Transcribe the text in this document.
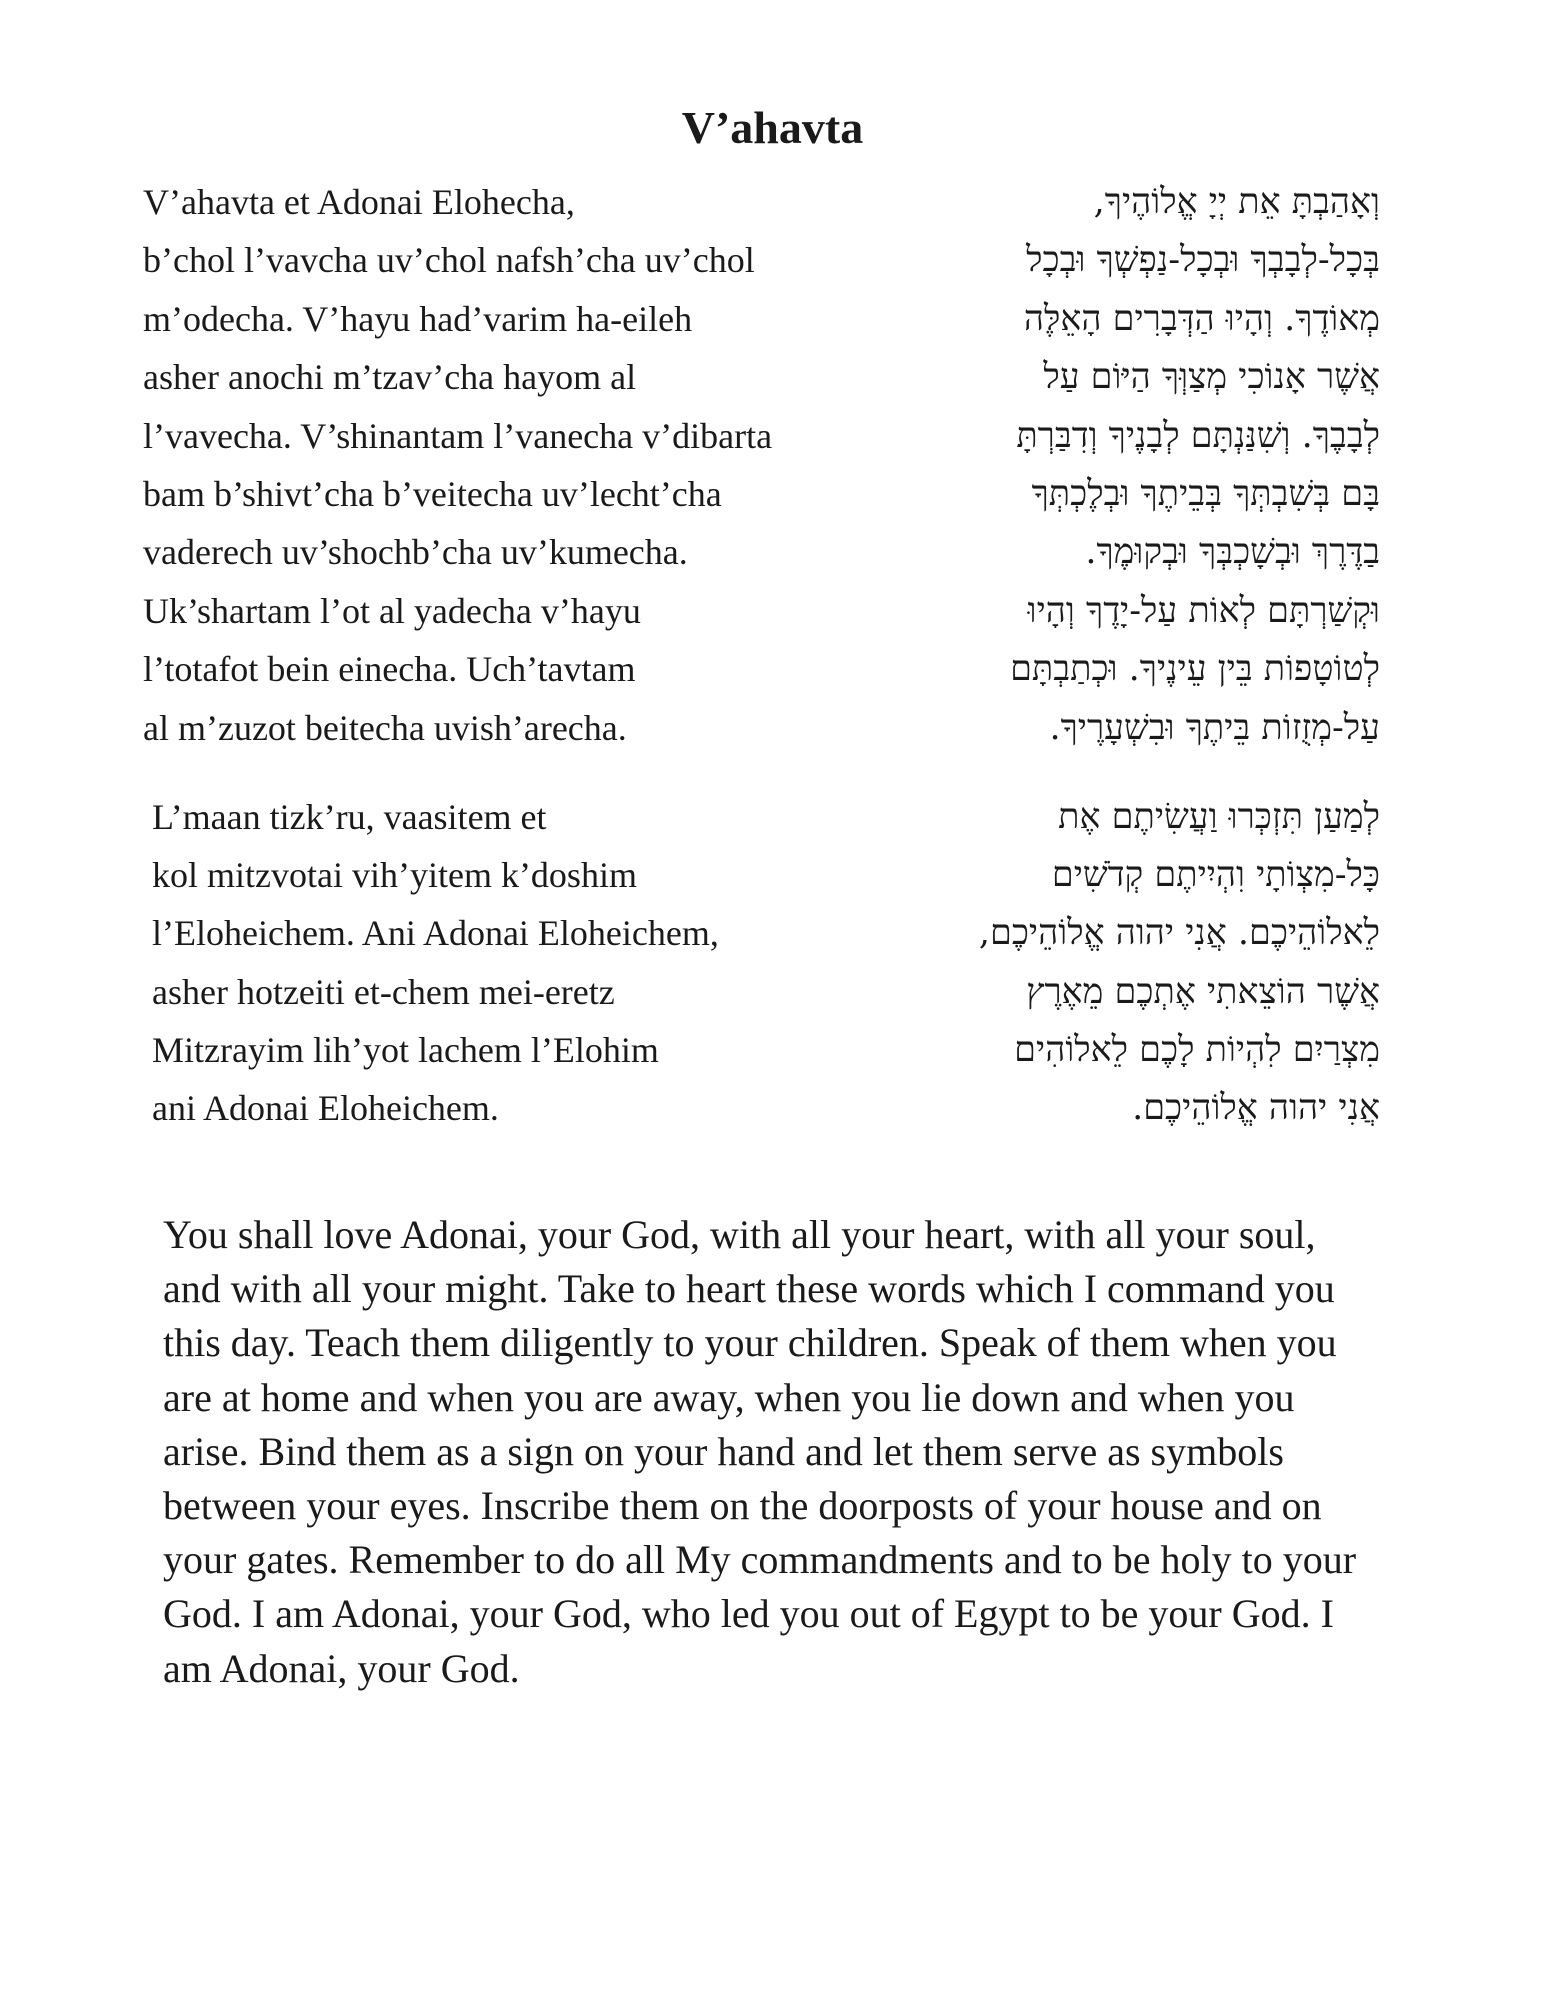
V’ahavta
V’ahavta et Adonai Elohecha,	וְאָהַבְתָּ אֵת יְיָ אֱלוֹהֶיךָ,
b’chol l’vavcha uv’chol nafsh’cha uv’chol	בְּכָל-לְבָבְךָ וּבְכָל-נַפְשְׁךָ וּבְכָל
m’odecha. V’hayu had’varim ha-eileh	מְאוֹדֶךָ. וְהָיוּ הַדְּבָרִים הָאֵלֶּה
asher anochi m’tzav’cha hayom al	אֲשֶׁר אָנוֹכִי מְצַוְּךָ הַיּוֹם עַל
l’vavecha. V’shinantam l’vanecha v’dibarta	לְבָבֶךָ. וְשִׁנַּנְתָּם לְבָנֶיךָ וְדִבַּרְתָּ
bam b’shivt’cha b’veitecha uv’lecht’cha	בָּם בְּשִׁבְתְּךָ בְּבֵיתֶךָ וּבְלֶכְתְּךָ
vaderech uv’shochb’cha uv’kumecha.	בַדֶּרֶךְ וּבְשָׁכְבְּךָ וּבְקוּמֶךָ.
Uk’shartam l’ot al yadecha v’hayu	וּקְשַׁרְתָּם לְאוֹת עַל-יָדֶךָ וְהָיוּ
l’totafot bein einecha. Uch’tavtam	לְטוֹטָפוֹת בֵּין עֵינֶיךָ. וּכְתַבְתָּם
al m’zuzot beitecha uvish’arecha.	עַל-מְזֻזוֹת בֵּיתֶךָ וּבִשְׁעָרֶיךָ.
L’maan tizk’ru, vaasitem et	לְמַעַן תִּזְכְּרוּ וַעֲשִׂיתֶם אֶת
kol mitzvotai vih’yitem k’doshim	כָּל-מִצְוֹתָי וִהְיִיתֶם קְדֹשִׁים
l’Eloheichem. Ani Adonai Eloheichem,	לֵאלוֹהֵיכֶם. אֲנִי יהוה אֱלוֹהֵיכֶם,
asher hotzeiti et-chem mei-eretz	אֲשֶׁר הוֹצֵאתִי אֶתְכֶם מֵאֶרֶץ
Mitzrayim lih’yot lachem l’Elohim	מִצְרַיִם לִהְיוֹת לָכֶם לֵאלוֹהִים
ani Adonai Eloheichem.	אֲנִי יהוה אֱלוֹהֵיכֶם.

You shall love Adonai, your God, with all your heart, with all your soul, and with all your might. Take to heart these words which I command you this day. Teach them diligently to your children. Speak of them when you are at home and when you are away, when you lie down and when you arise. Bind them as a sign on your hand and let them serve as symbols between your eyes. Inscribe them on the doorposts of your house and on your gates. Remember to do all My commandments and to be holy to your God. I am Adonai, your God, who led you out of Egypt to be your God. I am Adonai, your God.
